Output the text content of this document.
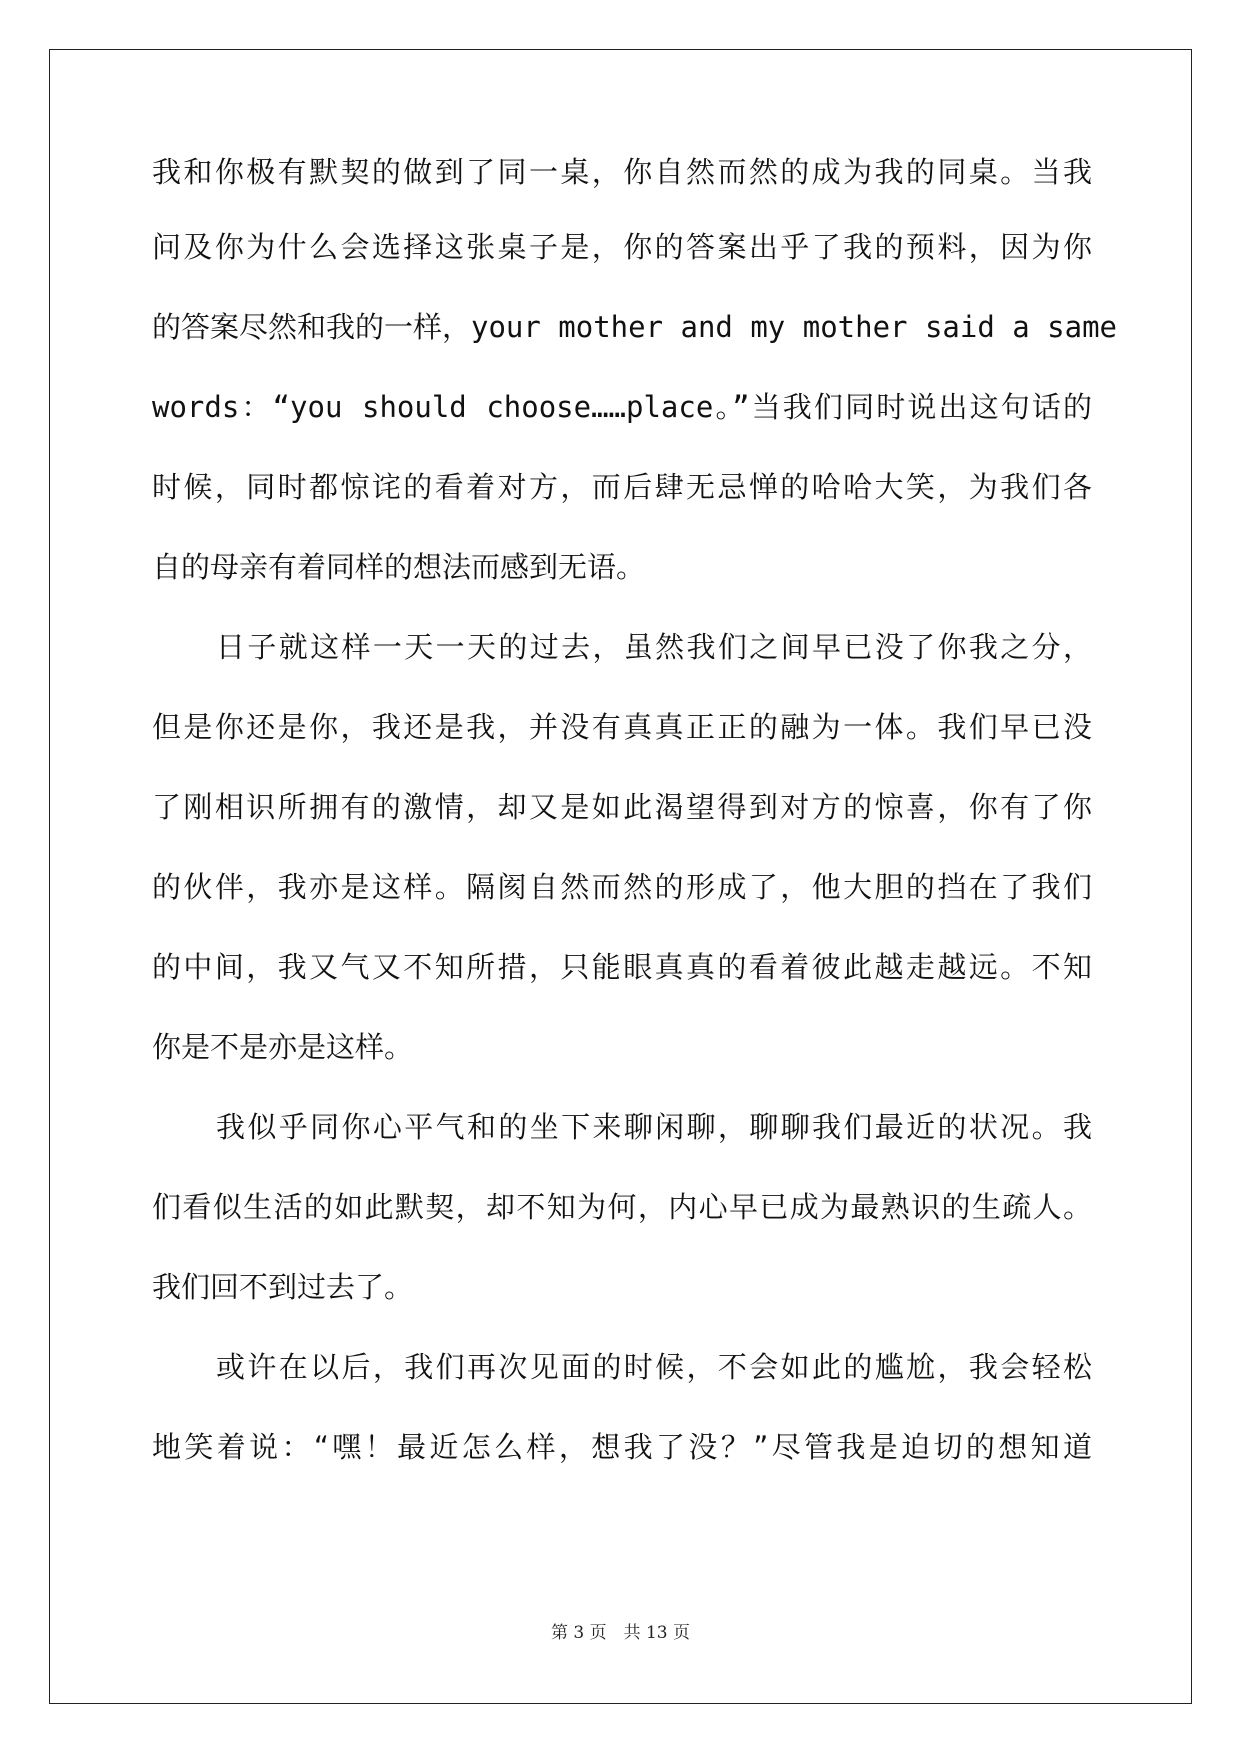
我和你极有默契的做到了同一桌，你自然而然的成为我的同桌。当我
问及你为什么会选择这张桌子是，你的答案出乎了我的预料，因为你
的答案尽然和我的一样，your mother and my mother said a same
words：“you should choose……place。”当我们同时说出这句话的
时候，同时都惊诧的看着对方，而后肆无忌惮的哈哈大笑，为我们各
自的母亲有着同样的想法而感到无语。
日子就这样一天一天的过去，虽然我们之间早已没了你我之分，
但是你还是你，我还是我，并没有真真正正的融为一体。我们早已没
了刚相识所拥有的激情，却又是如此渴望得到对方的惊喜，你有了你
的伙伴，我亦是这样。隔阂自然而然的形成了，他大胆的挡在了我们
的中间，我又气又不知所措，只能眼真真的看着彼此越走越远。不知
你是不是亦是这样。
我似乎同你心平气和的坐下来聊闲聊，聊聊我们最近的状况。我
们看似生活的如此默契，却不知为何，内心早已成为最熟识的生疏人。
我们回不到过去了。
或许在以后，我们再次见面的时候，不会如此的尴尬，我会轻松
地笑着说：“嘿！最近怎么样，想我了没？”尽管我是迫切的想知道
第 3 页　共 13 页
